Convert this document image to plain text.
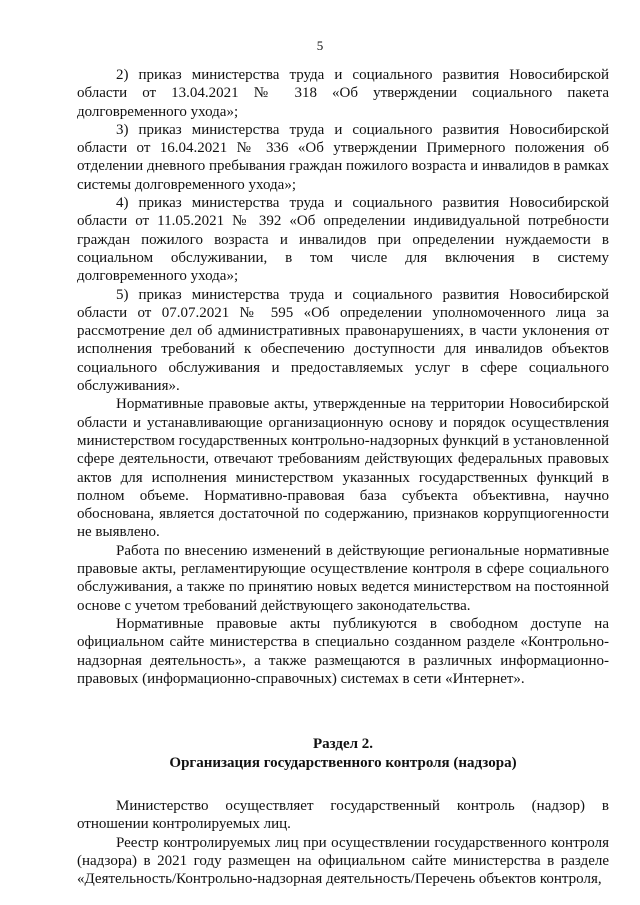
5

2) приказ министерства труда и социального развития Новосибирской области от 13.04.2021 № 318 «Об утверждении социального пакета долговременного ухода»;

3) приказ министерства труда и социального развития Новосибирской области от 16.04.2021 № 336 «Об утверждении Примерного положения об отделении дневного пребывания граждан пожилого возраста и инвалидов в рамках системы долговременного ухода»;

4) приказ министерства труда и социального развития Новосибирской области от 11.05.2021 № 392 «Об определении индивидуальной потребности граждан пожилого возраста и инвалидов при определении нуждаемости в социальном обслуживании, в том числе для включения в систему долговременного ухода»;

5) приказ министерства труда и социального развития Новосибирской области от 07.07.2021 № 595 «Об определении уполномоченного лица за рассмотрение дел об административных правонарушениях, в части уклонения от исполнения требований к обеспечению доступности для инвалидов объектов социального обслуживания и предоставляемых услуг в сфере социального обслуживания».

Нормативные правовые акты, утвержденные на территории Новосибирской области и устанавливающие организационную основу и порядок осуществления министерством государственных контрольно-надзорных функций в установленной сфере деятельности, отвечают требованиям действующих федеральных правовых актов для исполнения министерством указанных государственных функций в полном объеме. Нормативно-правовая база субъекта объективна, научно обоснована, является достаточной по содержанию, признаков коррупциогенности не выявлено.

Работа по внесению изменений в действующие региональные нормативные правовые акты, регламентирующие осуществление контроля в сфере социального обслуживания, а также по принятию новых ведется министерством на постоянной основе с учетом требований действующего законодательства.

Нормативные правовые акты публикуются в свободном доступе на официальном сайте министерства в специально созданном разделе «Контрольно-надзорная деятельность», а также размещаются в различных информационно-правовых (информационно-справочных) системах в сети «Интернет».

Раздел 2.

Организация государственного контроля (надзора)

Министерство осуществляет государственный контроль (надзор) в отношении контролируемых лиц.

Реестр контролируемых лиц при осуществлении государственного контроля (надзора) в 2021 году размещен на официальном сайте министерства в разделе «Деятельность/Контрольно-надзорная деятельность/Перечень объектов контроля,
